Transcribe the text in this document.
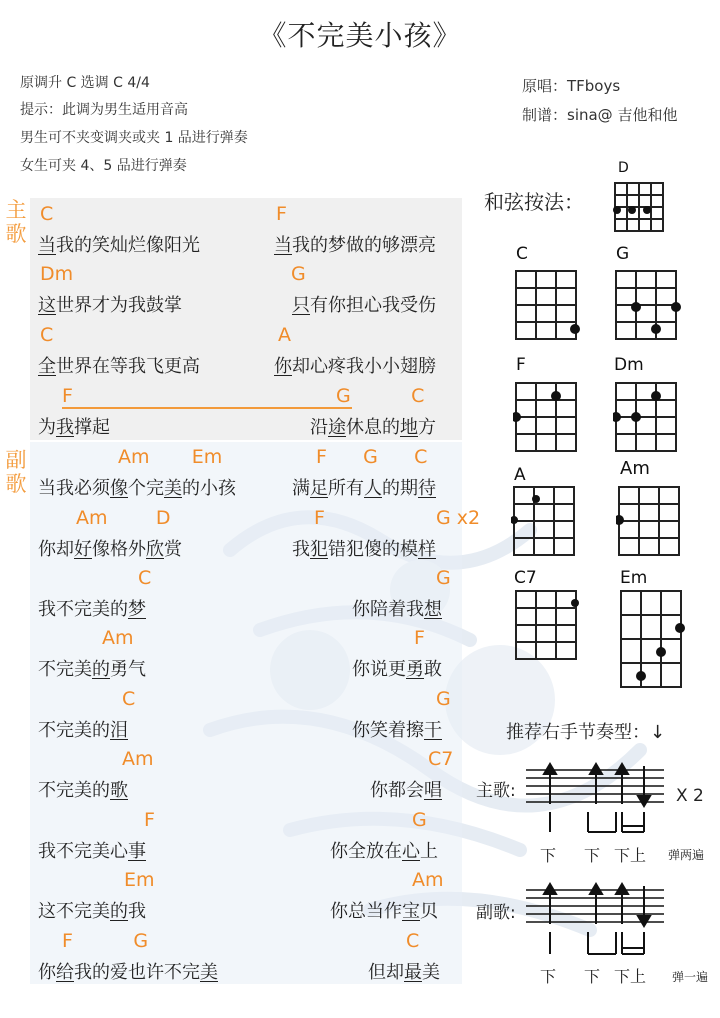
《不完美小孩》
原调升 C 选调 C 4/4
提示：此调为男生适用音高
男生可不夹变调夹或夹 1 品进行弹奏
女生可夹 4、5 品进行弹奏
原唱：TFboys
制谱：sina@ 吉他和他
主歌
副歌
C	F
当我的笑灿烂像阳光	当我的梦做的够漂亮
Dm	G
这世界才为我鼓掌	只有你担心我受伤
C	A
全世界在等我飞更高	你却心疼我小小翅膀
F	G          C
为我撑起	沿途休息的地方
Am       Em	F      G      C
当我必须像个完美的小孩	满足所有人的期待
Am        D	F	G x2
你却好像格外欣赏	我犯错犯傻的模样
C	G
我不完美的梦	你陪着我想
Am	F
不完美的勇气	你说更勇敢
C	G
不完美的泪	你笑着擦干
Am	C7
不完美的歌	你都会唱
F	G
我不完美心事	你全放在心上
Em	Am
这不完美的我	你总当作宝贝
F          G	C
你给我的爱也许不完美	但却最美
和弦按法：
D
C	G
F	Dm
A	Am
C7	Em
推荐右手节奏型：↓
主歌:	X 2
下 下 下上 弹两遍
副歌:
下 下 下上 弹一遍
